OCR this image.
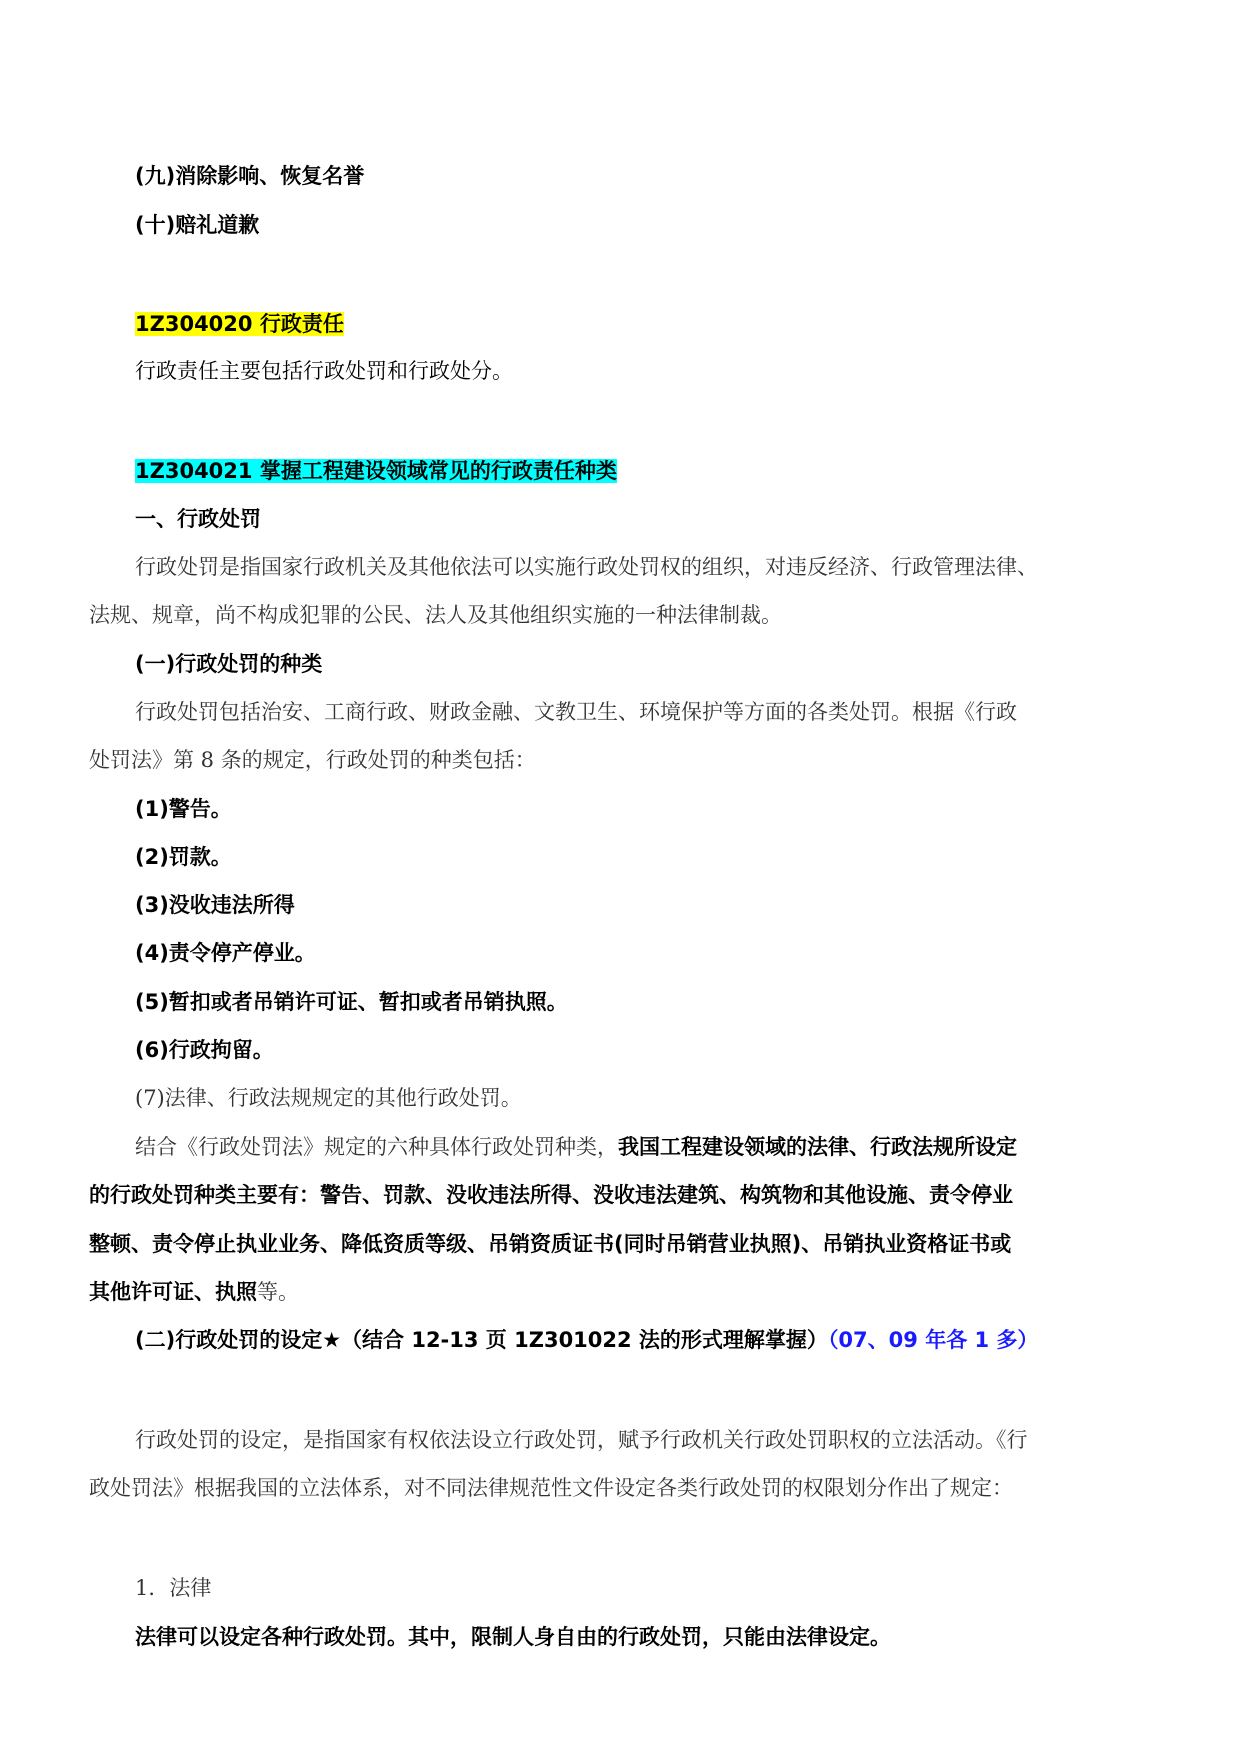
(九)消除影响、恢复名誉
(十)赔礼道歉
1Z304020 行政责任
行政责任主要包括行政处罚和行政处分。
1Z304021 掌握工程建设领域常见的行政责任种类
一、行政处罚
行政处罚是指国家行政机关及其他依法可以实施行政处罚权的组织，对违反经济、行政管理法律、
法规、规章，尚不构成犯罪的公民、法人及其他组织实施的一种法律制裁。
(一)行政处罚的种类
行政处罚包括治安、工商行政、财政金融、文教卫生、环境保护等方面的各类处罚。根据《行政
处罚法》第 8 条的规定，行政处罚的种类包括：
(1)警告。
(2)罚款。
(3)没收违法所得
(4)责令停产停业。
(5)暂扣或者吊销许可证、暂扣或者吊销执照。
(6)行政拘留。
(7)法律、行政法规规定的其他行政处罚。
结合《行政处罚法》规定的六种具体行政处罚种类，我国工程建设领域的法律、行政法规所设定
的行政处罚种类主要有：警告、罚款、没收违法所得、没收违法建筑、构筑物和其他设施、责令停业
整顿、责令停止执业业务、降低资质等级、吊销资质证书(同时吊销营业执照)、吊销执业资格证书或
其他许可证、执照等。
(二)行政处罚的设定★（结合 12-13 页 1Z301022 法的形式理解掌握）（07、09 年各 1 多）
行政处罚的设定，是指国家有权依法设立行政处罚，赋予行政机关行政处罚职权的立法活动。《行
政处罚法》根据我国的立法体系，对不同法律规范性文件设定各类行政处罚的权限划分作出了规定：
1．法律
法律可以设定各种行政处罚。其中，限制人身自由的行政处罚，只能由法律设定。
